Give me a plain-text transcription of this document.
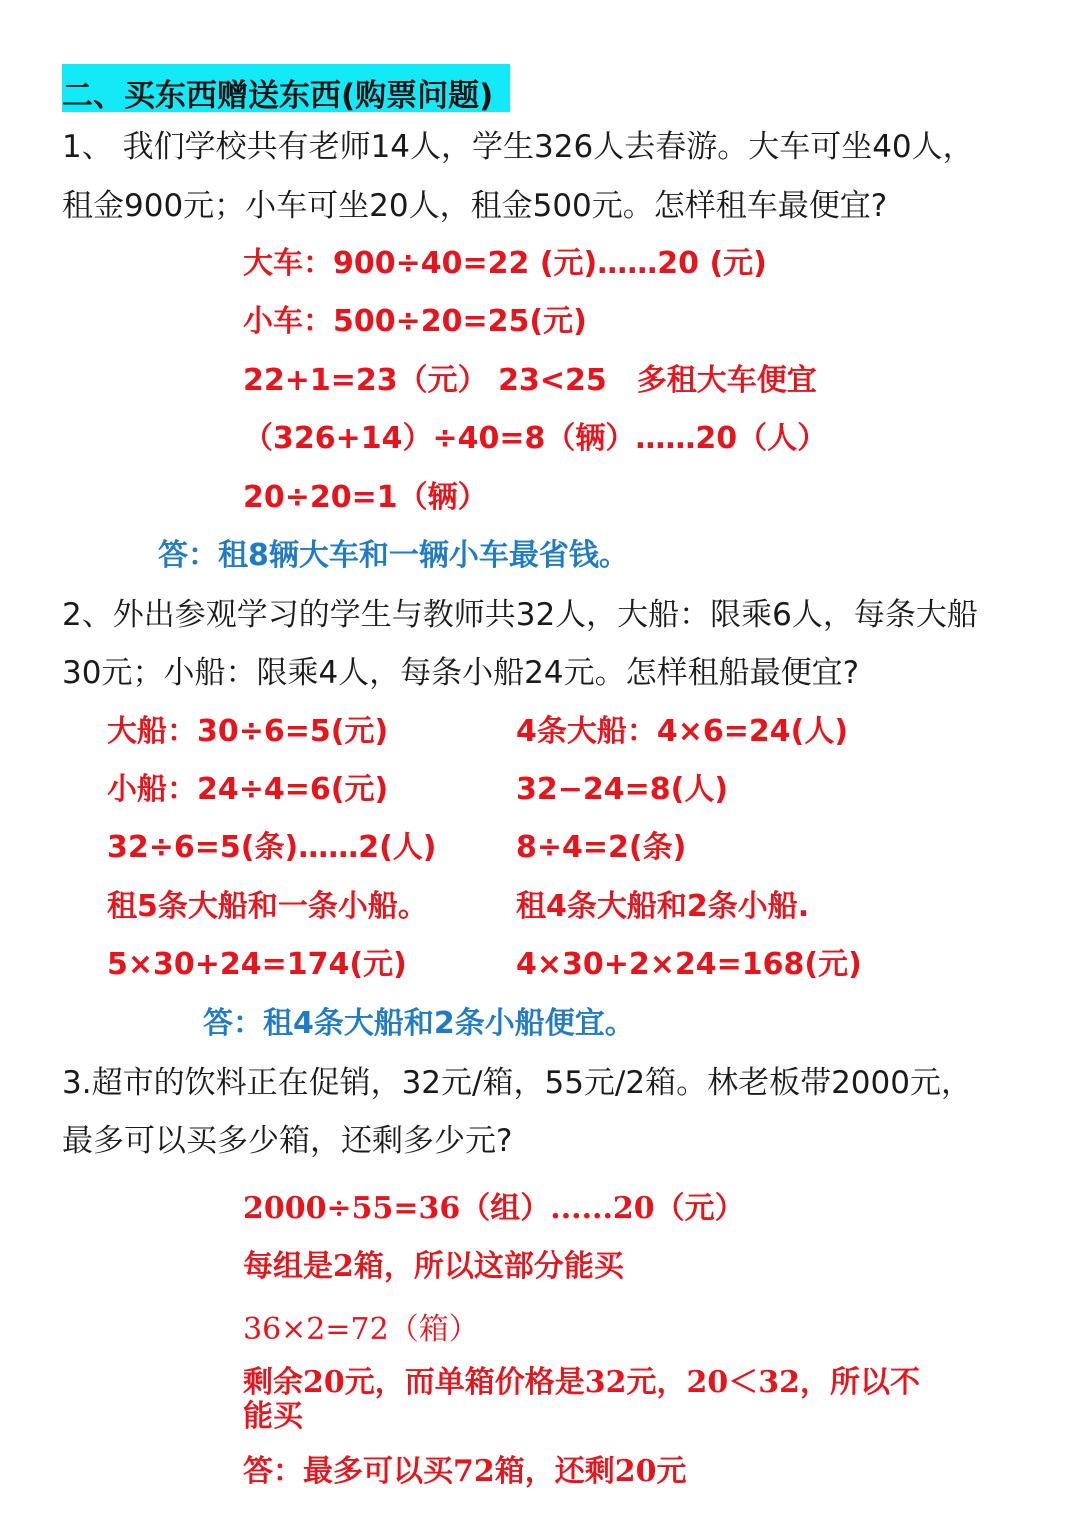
二、买东西赠送东西(购票问题)
1、 我们学校共有老师14人，学生326人去春游。大车可坐40人，
租金900元；小车可坐20人，租金500元。怎样租车最便宜?
大车：900÷40=22 (元)……20 (元)
小车：500÷20=25(元)
22+1=23（元） 23<25　多租大车便宜
（326+14）÷40=8（辆）……20（人）
20÷20=1（辆）
答：租8辆大车和一辆小车最省钱。
2、外出参观学习的学生与教师共32人，大船：限乘6人，每条大船
30元；小船：限乘4人，每条小船24元。怎样租船最便宜?
大船：30÷6=5(元)
小船：24÷4=6(元)
32÷6=5(条)……2(人)
租5条大船和一条小船。
5×30+24=174(元)
4条大船：4×6=24(人)
32−24=8(人)
8÷4=2(条)
租4条大船和2条小船.
4×30+2×24=168(元)
答：租4条大船和2条小船便宜。
3.超市的饮料正在促销，32元/箱，55元/2箱。林老板带2000元，
最多可以买多少箱，还剩多少元?
2000÷55=36（组）......20（元）
每组是2箱，所以这部分能买
36×2=72（箱）
剩余20元，而单箱价格是32元，20＜32，所以不
能买
答：最多可以买72箱，还剩20元
